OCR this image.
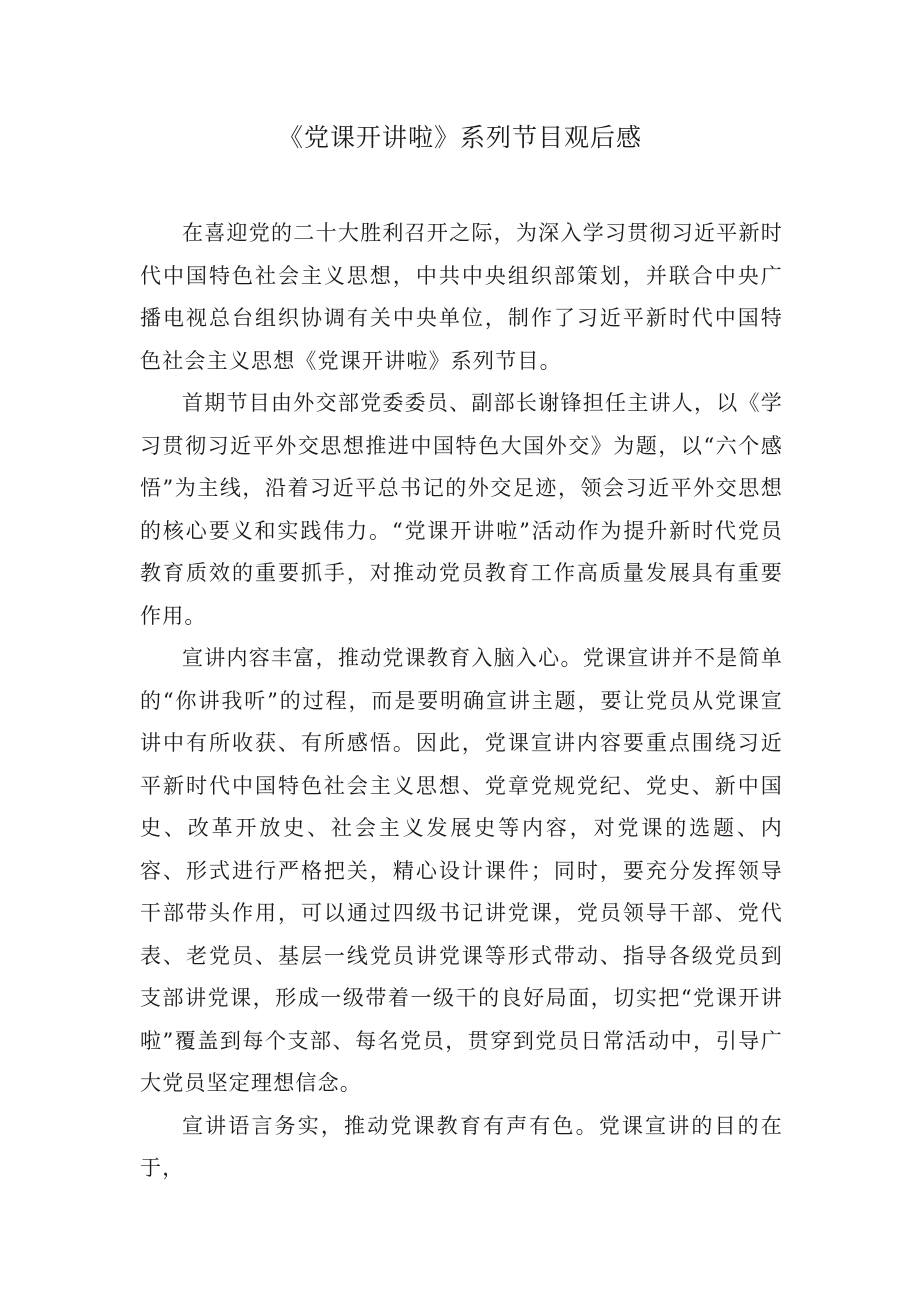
《党课开讲啦》系列节目观后感

在喜迎党的二十大胜利召开之际，为深入学习贯彻习近平新时代中国特色社会主义思想，中共中央组织部策划，并联合中央广播电视总台组织协调有关中央单位，制作了习近平新时代中国特色社会主义思想《党课开讲啦》系列节目。

首期节目由外交部党委委员、副部长谢锋担任主讲人，以《学习贯彻习近平外交思想推进中国特色大国外交》为题，以“六个感悟”为主线，沿着习近平总书记的外交足迹，领会习近平外交思想的核心要义和实践伟力。“党课开讲啦”活动作为提升新时代党员教育质效的重要抓手，对推动党员教育工作高质量发展具有重要作用。

宣讲内容丰富，推动党课教育入脑入心。党课宣讲并不是简单的“你讲我听”的过程，而是要明确宣讲主题，要让党员从党课宣讲中有所收获、有所感悟。因此，党课宣讲内容要重点围绕习近平新时代中国特色社会主义思想、党章党规党纪、党史、新中国史、改革开放史、社会主义发展史等内容，对党课的选题、内容、形式进行严格把关，精心设计课件；同时，要充分发挥领导干部带头作用，可以通过四级书记讲党课，党员领导干部、党代表、老党员、基层一线党员讲党课等形式带动、指导各级党员到支部讲党课，形成一级带着一级干的良好局面，切实把“党课开讲啦”覆盖到每个支部、每名党员，贯穿到党员日常活动中，引导广大党员坚定理想信念。

宣讲语言务实，推动党课教育有声有色。党课宣讲的目的在于，
